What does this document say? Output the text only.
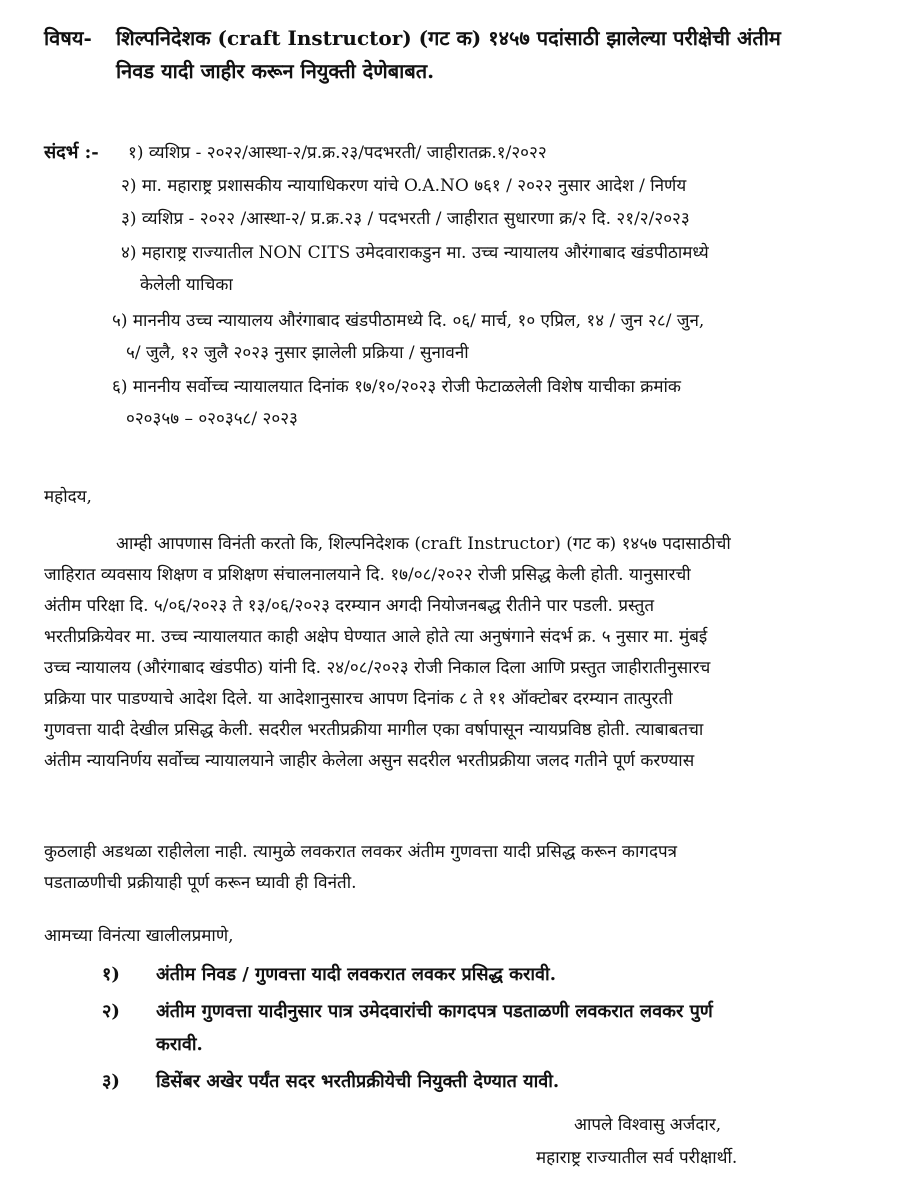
विषय- शिल्पनिदेशक (craft Instructor) (गट क) १४५७ पदांसाठी झालेल्या परीक्षेची अंतीम
निवड यादी जाहीर करून नियुक्ती देणेबाबत.
संदर्भ :- १) व्यशिप्र - २०२२/आस्था-२/प्र.क्र.२३/पदभरती/ जाहीरातक्र.१/२०२२
२) मा. महाराष्ट्र प्रशासकीय न्यायाधिकरण यांचे O.A.NO ७६१ / २०२२ नुसार आदेश / निर्णय
३) व्यशिप्र - २०२२ /आस्था-२/ प्र.क्र.२३ / पदभरती / जाहीरात सुधारणा क्र/२ दि. २१/२/२०२३
४) महाराष्ट्र राज्यातील NON CITS उमेदवाराकडुन मा. उच्च न्यायालय औरंगाबाद खंडपीठामध्ये
केलेली याचिका
५) माननीय उच्च न्यायालय औरंगाबाद खंडपीठामध्ये दि. ०६/ मार्च, १० एप्रिल, १४ / जुन २८/ जुन,
५/ जुलै, १२ जुलै २०२३ नुसार झालेली प्रक्रिया / सुनावनी
६) माननीय सर्वोच्च न्यायालयात दिनांक १७/१०/२०२३ रोजी फेटाळलेली विशेष याचीका क्रमांक
०२०३५७ – ०२०३५८/ २०२३
महोदय,
आम्ही आपणास विनंती करतो कि, शिल्पनिदेशक (craft Instructor) (गट क) १४५७ पदासाठीची
जाहिरात व्यवसाय शिक्षण व प्रशिक्षण संचालनालयाने दि. १७/०८/२०२२ रोजी प्रसिद्ध केली होती. यानुसारची
अंतीम परिक्षा दि. ५/०६/२०२३ ते १३/०६/२०२३ दरम्यान अगदी नियोजनबद्ध रीतीने पार पडली. प्रस्तुत
भरतीप्रक्रियेवर मा. उच्च न्यायालयात काही अक्षेप घेण्यात आले होते त्या अनुषंगाने संदर्भ क्र. ५ नुसार मा. मुंबई
उच्च न्यायालय (औरंगाबाद खंडपीठ) यांनी दि. २४/०८/२०२३ रोजी निकाल दिला आणि प्रस्तुत जाहीरातीनुसारच
प्रक्रिया पार पाडण्याचे आदेश दिले. या आदेशानुसारच आपण दिनांक ८ ते ११ ऑक्टोबर दरम्यान तात्पुरती
गुणवत्ता यादी देखील प्रसिद्ध केली. सदरील भरतीप्रक्रीया मागील एका वर्षापासून न्यायप्रविष्ठ होती. त्याबाबतचा
अंतीम न्यायनिर्णय सर्वोच्च न्यायालयाने जाहीर केलेला असुन सदरील भरतीप्रक्रीया जलद गतीने पूर्ण करण्यास
कुठलाही अडथळा राहीलेला नाही. त्यामुळे लवकरात लवकर अंतीम गुणवत्ता यादी प्रसिद्ध करून कागदपत्र
पडताळणीची प्रक्रीयाही पूर्ण करून घ्यावी ही विनंती.
आमच्या विनंत्या खालीलप्रमाणे,
१) अंतीम निवड / गुणवत्ता यादी लवकरात लवकर प्रसिद्ध करावी.
२) अंतीम गुणवत्ता यादीनुसार पात्र उमेदवारांची कागदपत्र पडताळणी लवकरात लवकर पुर्ण
करावी.
३) डिसेंबर अखेर पर्यंत सदर भरतीप्रक्रीयेची नियुक्ती देण्यात यावी.
आपले विश्वासु अर्जदार,
महाराष्ट्र राज्यातील सर्व परीक्षार्थी.
